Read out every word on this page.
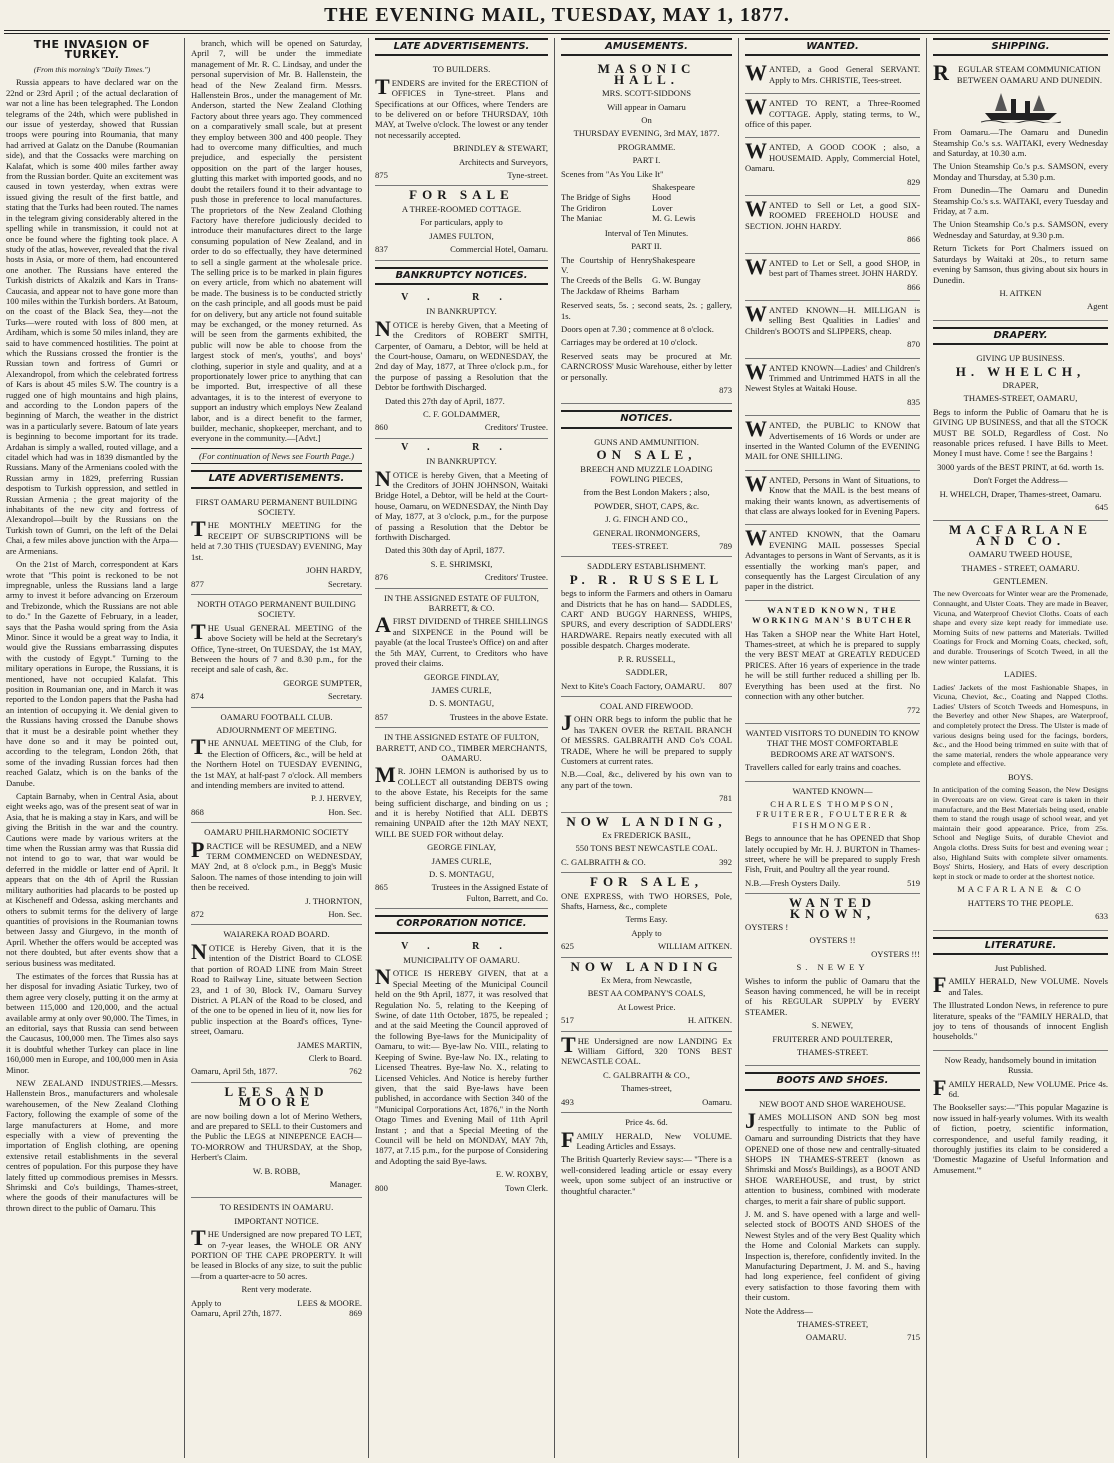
THE EVENING MAIL, TUESDAY, MAY 1, 1877.
THE INVASION OF TURKEY.

(From this morning's "Daily Times.")

Russia appears to have declared war on the 22nd or 23rd April ; of the actual declaration of war not a line has been telegraphed. The London telegrams of the 24th, which were published in our issue of yesterday, showed that Russian troops were pouring into Roumania, that many had arrived at Galatz on the Danube (Roumanian side), and that the Cossacks were marching on Kalafat, which is some 400 miles farther away from the Russian border. Quite an excitement was caused in town yesterday, when extras were issued giving the result of the first battle, and stating that the Turks had been routed. The names in the telegram giving considerably altered in the spelling while in transmission, it could not at once be found where the fighting took place. A study of the atlas, however, revealed that the rival hosts in Asia, or more of them, had encountered one another. The Russians have entered the Turkish districts of Akalzik and Kars in Trans-Caucasia, and appear not to have gone more than 100 miles within the Turkish borders. At Batoum, on the coast of the Black Sea, they—not the Turks—were routed with loss of 800 men, at Ardiham, which is some 50 miles inland, they are said to have commenced hostilities. The point at which the Russians crossed the frontier is the Russian town and fortress of Gumri or Alexandropol, from which the celebrated fortress of Kars is about 45 miles S.W. The country is a rugged one of high mountains and high plains, and according to the London papers of the beginning of March, the weather in the district was in a particularly severe. Batoum of late years is beginning to become important for its trade. Ardahan is simply a walled, routed village, and a citadel which had was in 1839 dismantled by the Russians. Many of the Armenians cooled with the Russian army in 1829, preferring Russian despotism to Turkish oppression, and settled in Russian Armenia ; the great majority of the inhabitants of the new city and fortress of Alexandropol—built by the Russians on the Turkish town of Gumri, on the left of the Delai Chai, a few miles above junction with the Arpa—are Armenians.

On the 21st of March, correspondent at Kars wrote that "This point is reckoned to be not impregnable, unless the Russians land a large army to invest it before advancing on Erzeroum and Trebizonde, which the Russians are not able to do." In the Gazette of February, in a leader, says that the Pasha would spring from the Asia Minor. Since it would be a great way to India, it would give the Russians embarrassing disputes with the custody of Egypt." Turning to the military operations in Europe, the Russians, it is mentioned, have not occupied Kalafat. This position in Roumanian one, and in March it was reported to the London papers that the Pasha had an intention of occupying it. We denial given to the Russians having crossed the Danube shows that it must be a desirable point whether they have done so and it may be pointed out, according to the telegram, London 26th, that some of the invading Russian forces had then reached Galatz, which is on the banks of the Danube.

Captain Barnaby, when in Central Asia, about eight weeks ago, was of the present seat of war in Asia, that he is making a stay in Kars, and will be giving the British in the war and the country. Cautions were made by various writers at the time when the Russian army was that Russia did not intend to go to war, that war would be deferred in the middle or latter end of April. It appears that on the 4th of April the Russian military authorities had placards to be posted up at Kischeneff and Odessa, asking merchants and others to submit terms for the delivery of large quantities of provisions in the Roumanian towns between Jassy and Giurgevo, in the month of April. Whether the offers would be accepted was not there doubted, but after events show that a serious business was meditated.

The estimates of the forces that Russia has at her disposal for invading Asiatic Turkey, two of them agree very closely, putting it on the army at between 115,000 and 120,000, and the actual available army at only over 90,000. The Times, in an editorial, says that Russia can send between the Caucasus, 100,000 men. The Times also says it is doubtful whether Turkey can place in line 160,000 men in Europe, and 100,000 men in Asia Minor.

NEW ZEALAND INDUSTRIES.—Messrs. Hallenstein Bros., manufacturers and wholesale warehousemen, of the New Zealand Clothing Factory, following the example of some of the large manufacturers at Home, and more especially with a view of preventing the importation of English clothing, are opening extensive retail establishments in the several centres of population. For this purpose they have lately fitted up commodious premises in Messrs. Shrimski and Co's buildings, Thames-street, where the goods of their manufactures will be thrown direct to the public of Oamaru. This

branch, which will be opened on Saturday, April 7, will be under the immediate management of Mr. R. C. Lindsay, and under the personal supervision of Mr. B. Hallenstein, the head of the New Zealand firm. Messrs. Hallenstein Bros., under the management of Mr. Anderson, started the New Zealand Clothing Factory about three years ago. They commenced on a comparatively small scale, but at present they employ between 300 and 400 people. They had to overcome many difficulties, and much prejudice, and especially the persistent opposition on the part of the larger houses, glutting this market with imported goods, and no doubt the retailers found it to their advantage to push those in preference to local manufactures. The proprietors of the New Zealand Clothing Factory have therefore judiciously decided to introduce their manufactures direct to the large consuming population of New Zealand, and in order to do so effectually, they have determined to sell a single garment at the wholesale price. The selling price is to be marked in plain figures on every article, from which no abatement will be made. The business is to be conducted strictly on the cash principle, and all goods must be paid for on delivery, but any article not found suitable may be exchanged, or the money returned. As will be seen from the garments exhibited, the public will now be able to choose from the largest stock of men's, youths', and boys' clothing, superior in style and quality, and at a proportionately lower price to anything that can be imported. But, irrespective of all these advantages, it is to the interest of everyone to support an industry which employs New Zealand labor, and is a direct benefit to the farmer, builder, mechanic, shopkeeper, merchant, and to everyone in the community.—[Advt.]

(For continuation of News see Fourth Page.)

LATE ADVERTISEMENTS.

FIRST OAMARU PERMANENT BUILDING SOCIETY.

THE MONTHLY MEETING for the RECEIPT OF SUBSCRIPTIONS will be held at 7.30 THIS (TUESDAY) EVENING, May 1st.

JOHN HARDY,

877	Secretary.

NORTH OTAGO PERMANENT BUILDING SOCIETY.

THE Usual GENERAL MEETING of the above Society will be held at the Secretary's Office, Tyne-street, On TUESDAY, the 1st MAY, Between the hours of 7 and 8.30 p.m., for the receipt and sale of cash, &c.

GEORGE SUMPTER,

874	Secretary.

OAMARU FOOTBALL CLUB.

ADJOURNMENT OF MEETING.

THE ANNUAL MEETING of the Club, for the Election of Officers, &c., will be held at the Northern Hotel on TUESDAY EVENING, the 1st MAY, at half-past 7 o'clock. All members and intending members are invited to attend.

P. J. HERVEY,

868	Hon. Sec.

OAMARU PHILHARMONIC SOCIETY

PRACTICE will be RESUMED, and a NEW TERM COMMENCED on WEDNESDAY, MAY 2nd, at 8 o'clock p.m., in Begg's Music Saloon. The names of those intending to join will then be received.

J. THORNTON,

872	Hon. Sec.

WAIAREKA ROAD BOARD.

NOTICE is Hereby Given, that it is the intention of the District Board to CLOSE that portion of ROAD LINE from Main Street Road to Railway Line, situate between Section 23, and 1 of 30, Block IV., Oamaru Survey District. A PLAN of the Road to be closed, and of the one to be opened in lieu of it, now lies for public inspection at the Board's offices, Tyne-street, Oamaru.

JAMES MARTIN,

Clerk to Board.

Oamaru, April 5th, 1877.	762

LEES AND MOORE

are now boiling down a lot of Merino Wethers, and are prepared to SELL to their Customers and the Public the LEGS at NINEPENCE EACH—TO-MORROW and THURSDAY, at the Shop, Herbert's Claim.

W. B. ROBB,

Manager.

TO RESIDENTS IN OAMARU.

IMPORTANT NOTICE.

THE Undersigned are now prepared TO LET, on 7-year leases, the WHOLE OR ANY PORTION OF THE CAPE PROPERTY. It will be leased in Blocks of any size, to suit the public—from a quarter-acre to 50 acres.

Rent very moderate.

Apply to	LEES & MOORE.
Oamaru, April 27th, 1877.	869
LATE ADVERTISEMENTS.

TO BUILDERS.

TENDERS are invited for the ERECTION of OFFICES in Tyne-street. Plans and Specifications at our Offices, where Tenders are to be delivered on or before THURSDAY, 10th MAY, at Twelve o'clock. The lowest or any tender not necessarily accepted.

BRINDLEY & STEWART,

Architects and Surveyors,

875	Tyne-street.

FOR SALE

A THREE-ROOMED COTTAGE.

For particulars, apply to

JAMES FULTON,

837	Commercial Hotel, Oamaru.
BANKRUPTCY NOTICES.

V. R.

IN BANKRUPTCY.

NOTICE is hereby Given, that a Meeting of the Creditors of ROBERT SMITH, Carpenter, of Oamaru, a Debtor, will be held at the Court-house, Oamaru, on WEDNESDAY, the 2nd day of May, 1877, at Three o'clock p.m., for the purpose of passing a Resolution that the Debtor be forthwith Discharged.

Dated this 27th day of April, 1877.

C. F. GOLDAMMER,

860	Creditors' Trustee.

V. R.

IN BANKRUPTCY.

NOTICE is hereby Given, that a Meeting of the Creditors of JOHN JOHNSON, Waitaki Bridge Hotel, a Debtor, will be held at the Court-house, Oamaru, on WEDNESDAY, the Ninth Day of May, 1877, at 3 o'clock, p.m., for the purpose of passing a Resolution that the Debtor be forthwith Discharged.

Dated this 30th day of April, 1877.

S. E. SHRIMSKI,

876	Creditors' Trustee.

IN THE ASSIGNED ESTATE OF FULTON, BARRETT, & CO.

AFIRST DIVIDEND of THREE SHILLINGS and SIXPENCE in the Pound will be payable (at the local Trustee's Office) on and after the 5th MAY, Current, to Creditors who have proved their claims.

GEORGE FINDLAY,

JAMES CURLE,

D. S. MONTAGU,

857	Trustees in the above Estate.

IN THE ASSIGNED ESTATE OF FULTON, BARRETT, AND CO., TIMBER MERCHANTS, OAMARU.

MR. JOHN LEMON is authorised by us to COLLECT all outstanding DEBTS owing to the above Estate, his Receipts for the same being sufficient discharge, and binding on us ; and it is hereby Notified that ALL DEBTS remaining UNPAID after the 12th MAY NEXT, WILL BE SUED FOR without delay.

GEORGE FINLAY,

JAMES CURLE,

D. S. MONTAGU,

865	Trustees in the Assigned Estate of Fulton, Barrett, and Co.
CORPORATION NOTICE.

V. R.

MUNICIPALITY OF OAMARU.

NOTICE IS HEREBY GIVEN, that at a Special Meeting of the Municipal Council held on the 9th April, 1877, it was resolved that Regulation No. 5, relating to the Keeping of Swine, of date 11th October, 1875, be repealed ; and at the said Meeting the Council approved of the following Bye-laws for the Municipality of Oamaru, to wit:— Bye-law No. VIII., relating to Keeping of Swine. Bye-law No. IX., relating to Licensed Theatres. Bye-law No. X., relating to Licensed Vehicles. And Notice is hereby further given, that the said Bye-laws have been published, in accordance with Section 340 of the "Municipal Corporations Act, 1876," in the North Otago Times and Evening Mail of 11th April Instant ; and that a Special Meeting of the Council will be held on MONDAY, MAY 7th, 1877, at 7.15 p.m., for the purpose of Considering and Adopting the said Bye-laws.

E. W. ROXBY,

800	Town Clerk.
AMUSEMENTS.

MASONIC HALL.

MRS. SCOTT-SIDDONS

Will appear in Oamaru

On

THURSDAY EVENING, 3rd MAY, 1877.

PROGRAMME.

PART I.

Scenes from "As You Like It"

Shakespeare
The Bridge of Sighs	Hood
The Gridiron	Lover
The Maniac	M. G. Lewis

Interval of Ten Minutes.

PART II.

The Courtship of Henry V.
Shakespeare
The Creeds of the Bells G. W. Bungay
The Jackdaw of Rheims Barham

Reserved seats, 5s. ; second seats, 2s. ; gallery, 1s.

Doors open at 7.30 ; commence at 8 o'clock.

Carriages may be ordered at 10 o'clock.

Reserved seats may be procured at Mr. CARNCROSS' Music Warehouse, either by letter or personally.

873

NOTICES.

GUNS AND AMMUNITION.

ON SALE,

BREECH AND MUZZLE LOADING FOWLING PIECES,

from the Best London Makers ; also,

POWDER, SHOT, CAPS, &c.

J. G. FINCH AND CO.,

GENERAL IRONMONGERS,

TEES-STREET.	789

SADDLERY ESTABLISHMENT.

P. R. RUSSELL

begs to inform the Farmers and others in Oamaru and Districts that he has on hand— SADDLES, CART AND BUGGY HARNESS, WHIPS, SPURS, and every description of SADDLERS' HARDWARE. Repairs neatly executed with all possible despatch. Charges moderate.

P. R. RUSSELL,

SADDLER,

Next to Kite's Coach Factory, OAMARU. 807

COAL AND FIREWOOD.

JOHN ORR begs to inform the public that he has TAKEN OVER the RETAIL BRANCH Of MESSRS. GALBRAITH AND Co's COAL TRADE, Where he will be prepared to supply Customers at current rates.

N.B.—Coal, &c., delivered by his own van to any part of the town.

781

NOW LANDING,

Ex FREDERICK BASIL,

550 TONS BEST NEWCASTLE COAL.

C. GALBRAITH & CO.	392

FOR SALE,

ONE EXPRESS, with TWO HORSES, Pole, Shafts, Harness, &c., complete

Terms Easy.

Apply to

625	WILLIAM AITKEN.

NOW LANDING

Ex Mera, from Newcastle,

BEST AA COMPANY'S COALS,

At Lowest Price.

517	H. AITKEN.

THE Undersigned are now LANDING Ex William Gifford, 320 TONS BEST NEWCASTLE COAL.

C. GALBRAITH & CO.,

Thames-street,

493	Oamaru.

Price 4s. 6d.

FAMILY HERALD, New VOLUME. Leading Articles and Essays.

The British Quarterly Review says:— "There is a well-considered leading article or essay every week, upon some subject of an instructive or thoughtful character."

WANTED.

WANTED, a Good General SERVANT. Apply to Mrs. CHRISTIE, Tees-street.

WANTED TO RENT, a Three-Roomed COTTAGE. Apply, stating terms, to W., office of this paper.

WANTED, A GOOD COOK ; also, a HOUSEMAID. Apply, Commercial Hotel, Oamaru.

829

WANTED to Sell or Let, a good SIX-ROOMED FREEHOLD HOUSE and SECTION. JOHN HARDY.

866

WANTED to Let or Sell, a good SHOP, in best part of Thames street. JOHN HARDY.

866

WANTED KNOWN—H. MILLIGAN is selling Best Qualities in Ladies' and Children's BOOTS and SLIPPERS, cheap.

870

WANTED KNOWN—Ladies' and Children's Trimmed and Untrimmed HATS in all the Newest Styles at Waitaki House.

835

WANTED, the PUBLIC to KNOW that Advertisements of 16 Words or under are inserted in the Wanted Column of the EVENING MAIL for ONE SHILLING.

WANTED, Persons in Want of Situations, to Know that the MAIL is the best means of making their wants known, as advertisements of that class are always looked for in Evening Papers.

WANTED KNOWN, that the Oamaru EVENING MAIL possesses Special Advantages to persons in Want of Servants, as it is essentially the working man's paper, and consequently has the Largest Circulation of any paper in the district.

WANTED KNOWN, THE WORKING MAN'S BUTCHER

Has Taken a SHOP near the White Hart Hotel, Thames-street, at which he is prepared to supply the very BEST MEAT at GREATLY REDUCED PRICES. After 16 years of experience in the trade he will be still further reduced a shilling per lb. Everything has been used at the first. No connection with any other butcher.

772

WANTED VISITORS TO DUNEDIN TO KNOW THAT THE MOST COMFORTABLE BEDROOMS ARE AT WATSON'S.

Travellers called for early trains and coaches.

WANTED KNOWN—

CHARLES THOMPSON, FRUITERER, FOULTERER & FISHMONGER.

Begs to announce that he has OPENED that Shop lately occupied by Mr. H. J. BURTON in Thames-street, where he will be prepared to supply Fresh Fish, Fruit, and Poultry all the year round.

N.B.—Fresh Oysters Daily.	519

WANTED KNOWN,

OYSTERS !

OYSTERS !!

OYSTERS !!!

S. NEWEY

Wishes to inform the public of Oamaru that the Season having commenced, he will be in receipt of his REGULAR SUPPLY by EVERY STEAMER.

S. NEWEY,

FRUITERER AND POULTERER,

THAMES-STREET.

BOOTS AND SHOES.

NEW BOOT AND SHOE WAREHOUSE.

JAMES MOLLISON AND SON beg most respectfully to intimate to the Public of Oamaru and surrounding Districts that they have OPENED one of those new and centrally-situated SHOPS IN THAMES-STREET (known as Shrimski and Moss's Buildings), as a BOOT AND SHOE WAREHOUSE, and trust, by strict attention to business, combined with moderate charges, to merit a fair share of public support.

J. M. and S. have opened with a large and well-selected stock of BOOTS AND SHOES of the Newest Styles and of the very Best Quality which the Home and Colonial Markets can supply. Inspection is, therefore, confidently invited. In the Manufacturing Department, J. M. and S., having had long experience, feel confident of giving every satisfaction to those favoring them with their custom.

Note the Address—

THAMES-STREET,

OAMARU.	715
SHIPPING.

REGULAR STEAM COMMUNICATION BETWEEN OAMARU AND DUNEDIN.

From Oamaru.—The Oamaru and Dunedin Steamship Co.'s s.s. WAITAKI, every Wednesday and Saturday, at 10.30 a.m.

The Union Steamship Co.'s p.s. SAMSON, every Monday and Thursday, at 5.30 p.m.

From Dunedin—The Oamaru and Dunedin Steamship Co.'s s.s. WAITAKI, every Tuesday and Friday, at 7 a.m.

The Union Steamship Co.'s p.s. SAMSON, every Wednesday and Saturday, at 9.30 p.m.

Return Tickets for Port Chalmers issued on Saturdays by Waitaki at 20s., to return same evening by Samson, thus giving about six hours in Dunedin.

H. AITKEN

Agent

DRAPERY.

GIVING UP BUSINESS.

H. WHELCH,

DRAPER,

THAMES-STREET, OAMARU,

Begs to inform the Public of Oamaru that he is GIVING UP BUSINESS, and that all the STOCK MUST BE SOLD, Regardless of Cost. No reasonable prices refused. I have Bills to Meet. Money I must have. Come ! see the Bargains !

3000 yards of the BEST PRINT, at 6d. worth 1s.

Don't Forget the Address—

H. WHELCH, Draper, Thames-street, Oamaru.

645

MACFARLANE AND CO.

OAMARU TWEED HOUSE,

THAMES - STREET, OAMARU.

GENTLEMEN.

The new Overcoats for Winter wear are the Promenade, Connaught, and Ulster Coats. They are made in Beaver, Vicuna, and Waterproof Cheviot Cloths. Coats of each shape and every size kept ready for immediate use. Morning Suits of new patterns and Materials. Twilled Coatings for Frock and Morning Coats, checked, soft, and durable. Trouserings of Scotch Tweed, in all the new winter patterns.

LADIES.

Ladies' Jackets of the most Fashionable Shapes, in Vicuna, Cheviot, &c., Coating and Napped Cloths. Ladies' Ulsters of Scotch Tweeds and Homespuns, in the Beverley and other New Shapes, are Waterproof, and completely protect the Dress. The Ulster is made of various designs being used for the facings, borders, &c., and the Hood being trimmed en suite with that of the same material, renders the whole appearance very complete and effective.

BOYS.

In anticipation of the coming Season, the New Designs in Overcoats are on view. Great care is taken in their manufacture, and the Best Materials being used, enable them to stand the rough usage of school wear, and yet maintain their good appearance. Price, from 25s. School and Neglige Suits, of durable Cheviot and Angola cloths. Dress Suits for best and evening wear ; also, Highland Suits with complete silver ornaments. Boys' Shirts, Hosiery, and Hats of every description kept in stock or made to order at the shortest notice.

MACFARLANE & CO

HATTERS TO THE PEOPLE.

633

LITERATURE.

Just Published.

FAMILY HERALD, New VOLUME. Novels and Tales.

The Illustrated London News, in reference to pure literature, speaks of the "FAMILY HERALD, that joy to tens of thousands of innocent English households."

Now Ready, handsomely bound in imitation Russia.

FAMILY HERALD, New VOLUME. Price 4s. 6d.

The Bookseller says:—"This popular Magazine is now issued in half-yearly volumes. With its wealth of fiction, poetry, scientific information, correspondence, and useful family reading, it thoroughly justifies its claim to be considered a 'Domestic Magazine of Useful Information and Amusement.'"
